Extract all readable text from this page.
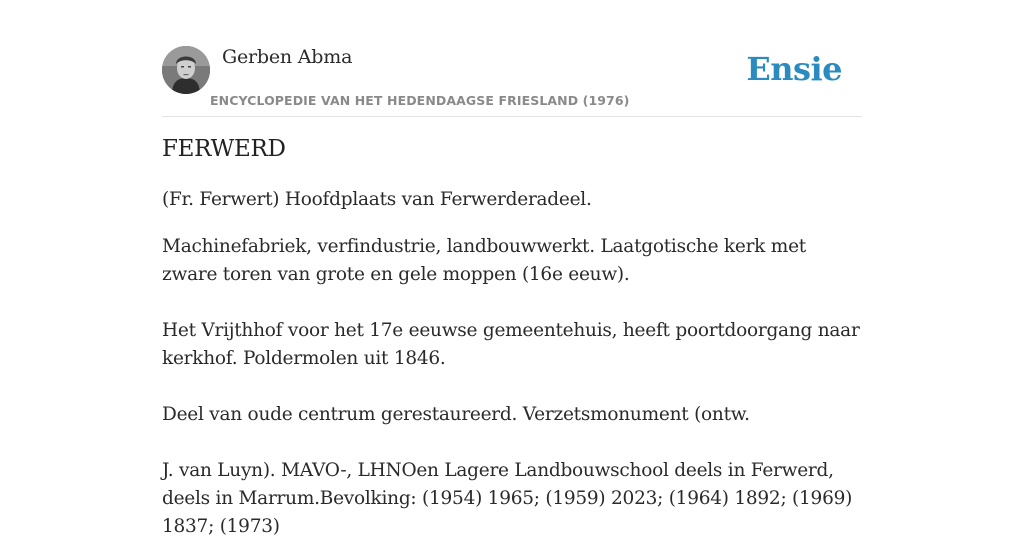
Gerben Abma
ENCYCLOPEDIE VAN HET HEDENDAAGSE FRIESLAND (1976)
Ensie
FERWERD

(Fr. Ferwert) Hoofdplaats van Ferwerderadeel.

Machinefabriek, verfindustrie, landbouwwerkt. Laatgotische kerk met zware toren van grote en gele moppen (16e eeuw).

Het Vrijthhof voor het 17e eeuwse gemeentehuis, heeft poortdoorgang naar kerkhof. Poldermolen uit 1846.

Deel van oude centrum gerestaureerd. Verzetsmonument (ontw.

J. van Luyn). MAVO-, LHNOen Lagere Landbouwschool deels in Ferwerd, deels in Marrum.Bevolking: (1954) 1965; (1959) 2023; (1964) 1892; (1969) 1837; (1973)
